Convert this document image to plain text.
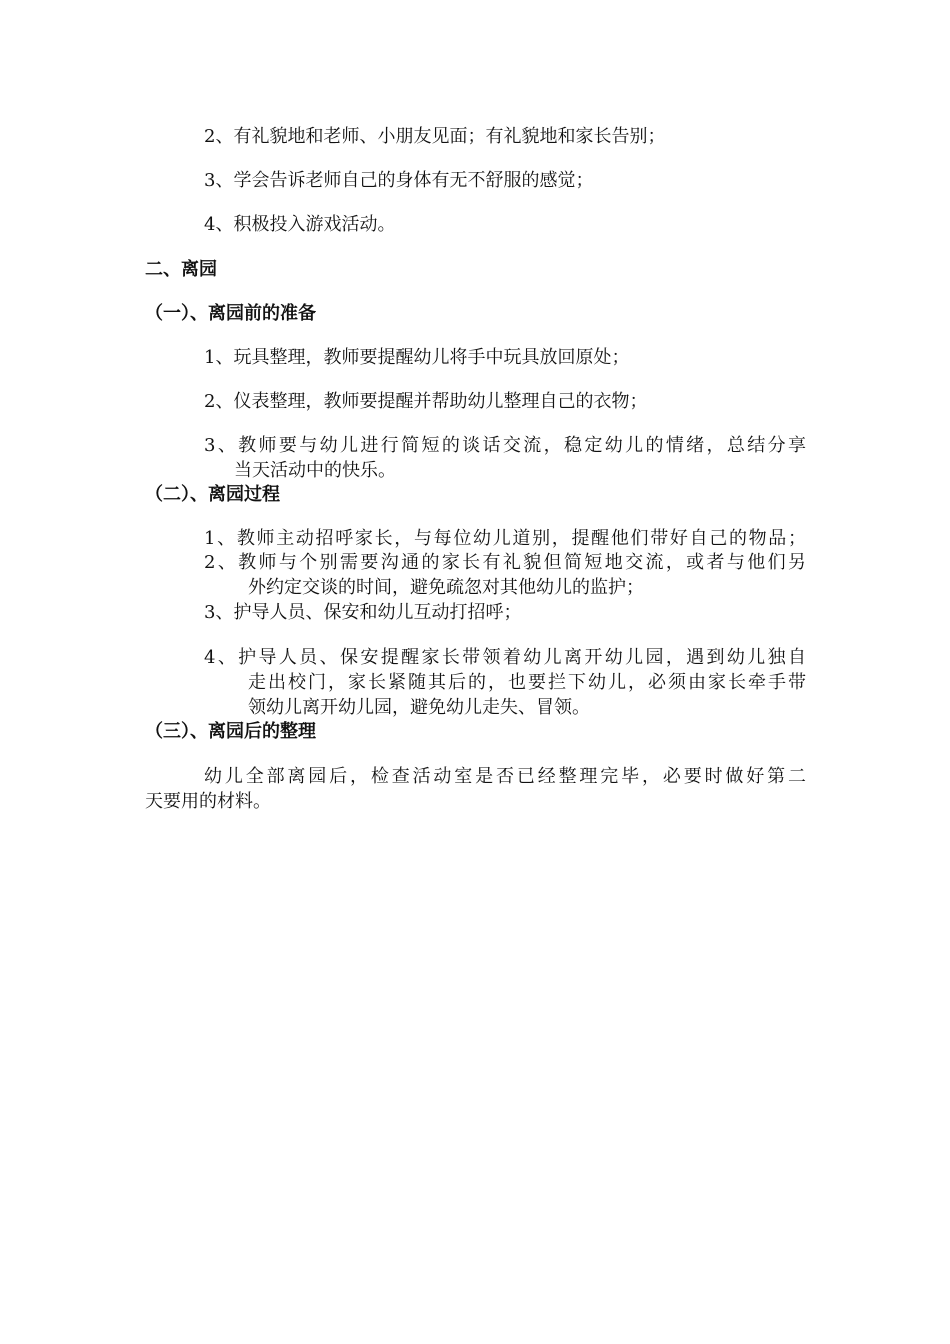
2、有礼貌地和老师、小朋友见面；有礼貌地和家长告别；
3、学会告诉老师自己的身体有无不舒服的感觉；
4、积极投入游戏活动。
二、离园
（一）、离园前的准备
1、玩具整理，教师要提醒幼儿将手中玩具放回原处；
2、仪表整理，教师要提醒并帮助幼儿整理自己的衣物；
3、教师要与幼儿进行简短的谈话交流，稳定幼儿的情绪，总结分享
当天活动中的快乐。
（二）、离园过程
1、教师主动招呼家长，与每位幼儿道别，提醒他们带好自己的物品；
2、教师与个别需要沟通的家长有礼貌但简短地交流，或者与他们另
外约定交谈的时间，避免疏忽对其他幼儿的监护；
3、护导人员、保安和幼儿互动打招呼；
4、护导人员、保安提醒家长带领着幼儿离开幼儿园，遇到幼儿独自
走出校门，家长紧随其后的，也要拦下幼儿，必须由家长牵手带
领幼儿离开幼儿园，避免幼儿走失、冒领。
（三）、离园后的整理
幼儿全部离园后，检查活动室是否已经整理完毕，必要时做好第二
天要用的材料。
